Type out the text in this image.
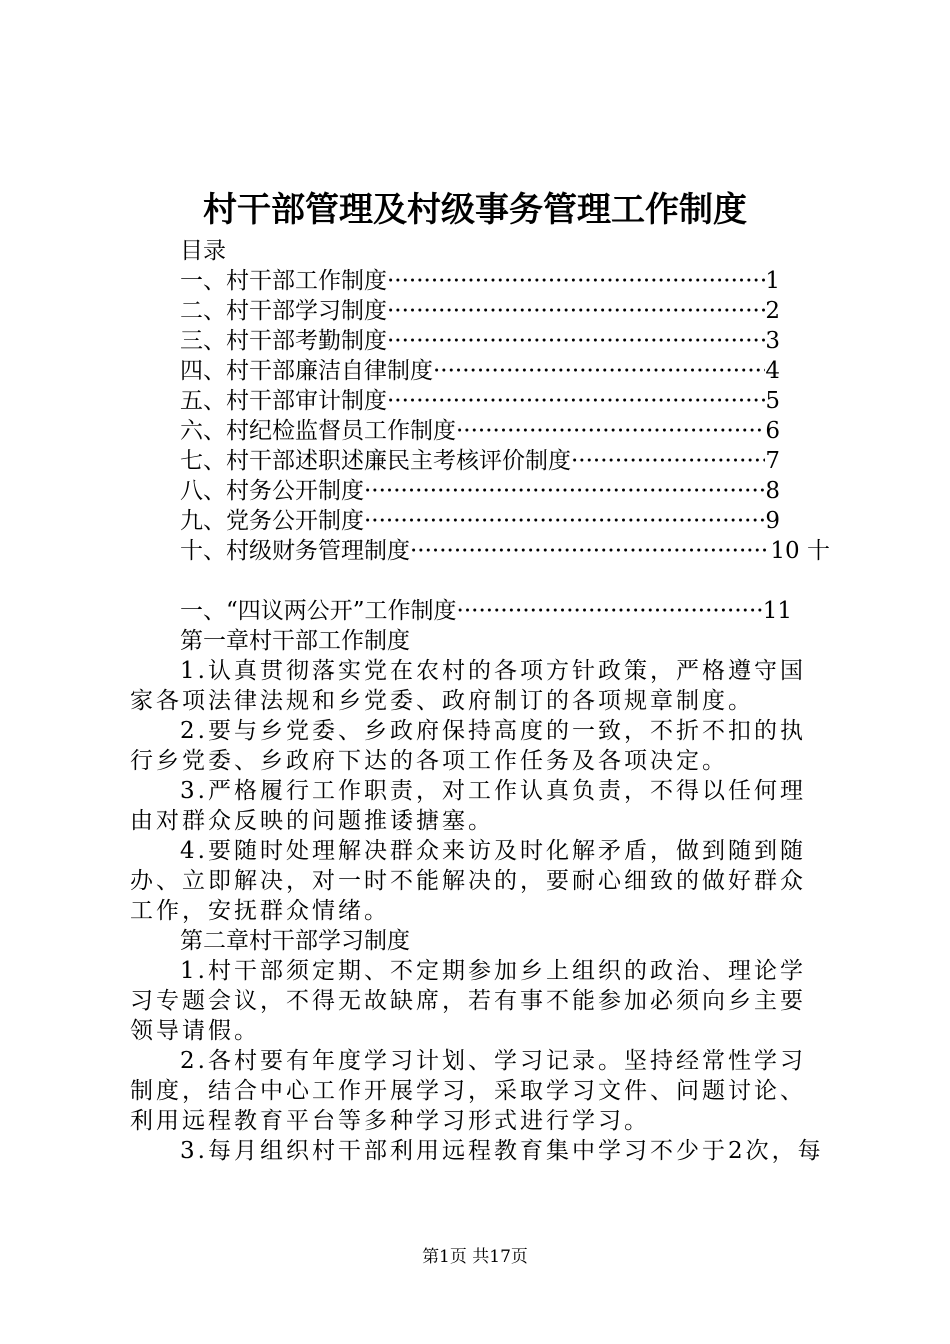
村干部管理及村级事务管理工作制度
目录
一、村干部工作制度 ·····	1
二、村干部学习制度 ·····	2
三、村干部考勤制度 ·····	3
四、村干部廉洁自律制度 ·····	4
五、村干部审计制度 ·····	5
六、村纪检监督员工作制度 ·····	6
七、村干部述职述廉民主考核评价制度 ·····	7
八、村务公开制度 ·····	8
九、党务公开制度 ·····	9
十、村级财务管理制度 ·····	10 十
一、“四议两公开”工作制度 ·····	11
第一章村干部工作制度
1.认真贯彻落实党在农村的各项方针政策，严格遵守国家各项法律法规和乡党委、政府制订的各项规章制度。
2.要与乡党委、乡政府保持高度的一致，不折不扣的执行乡党委、乡政府下达的各项工作任务及各项决定。
3.严格履行工作职责，对工作认真负责，不得以任何理由对群众反映的问题推诿搪塞。
4.要随时处理解决群众来访及时化解矛盾，做到随到随办、立即解决，对一时不能解决的，要耐心细致的做好群众工作，安抚群众情绪。
第二章村干部学习制度
1.村干部须定期、不定期参加乡上组织的政治、理论学习专题会议，不得无故缺席，若有事不能参加必须向乡主要领导请假。
2.各村要有年度学习计划、学习记录。坚持经常性学习制度，结合中心工作开展学习，采取学习文件、问题讨论、利用远程教育平台等多种学习形式进行学习。
3.每月组织村干部利用远程教育集中学习不少于2次，每
第1页 共17页
